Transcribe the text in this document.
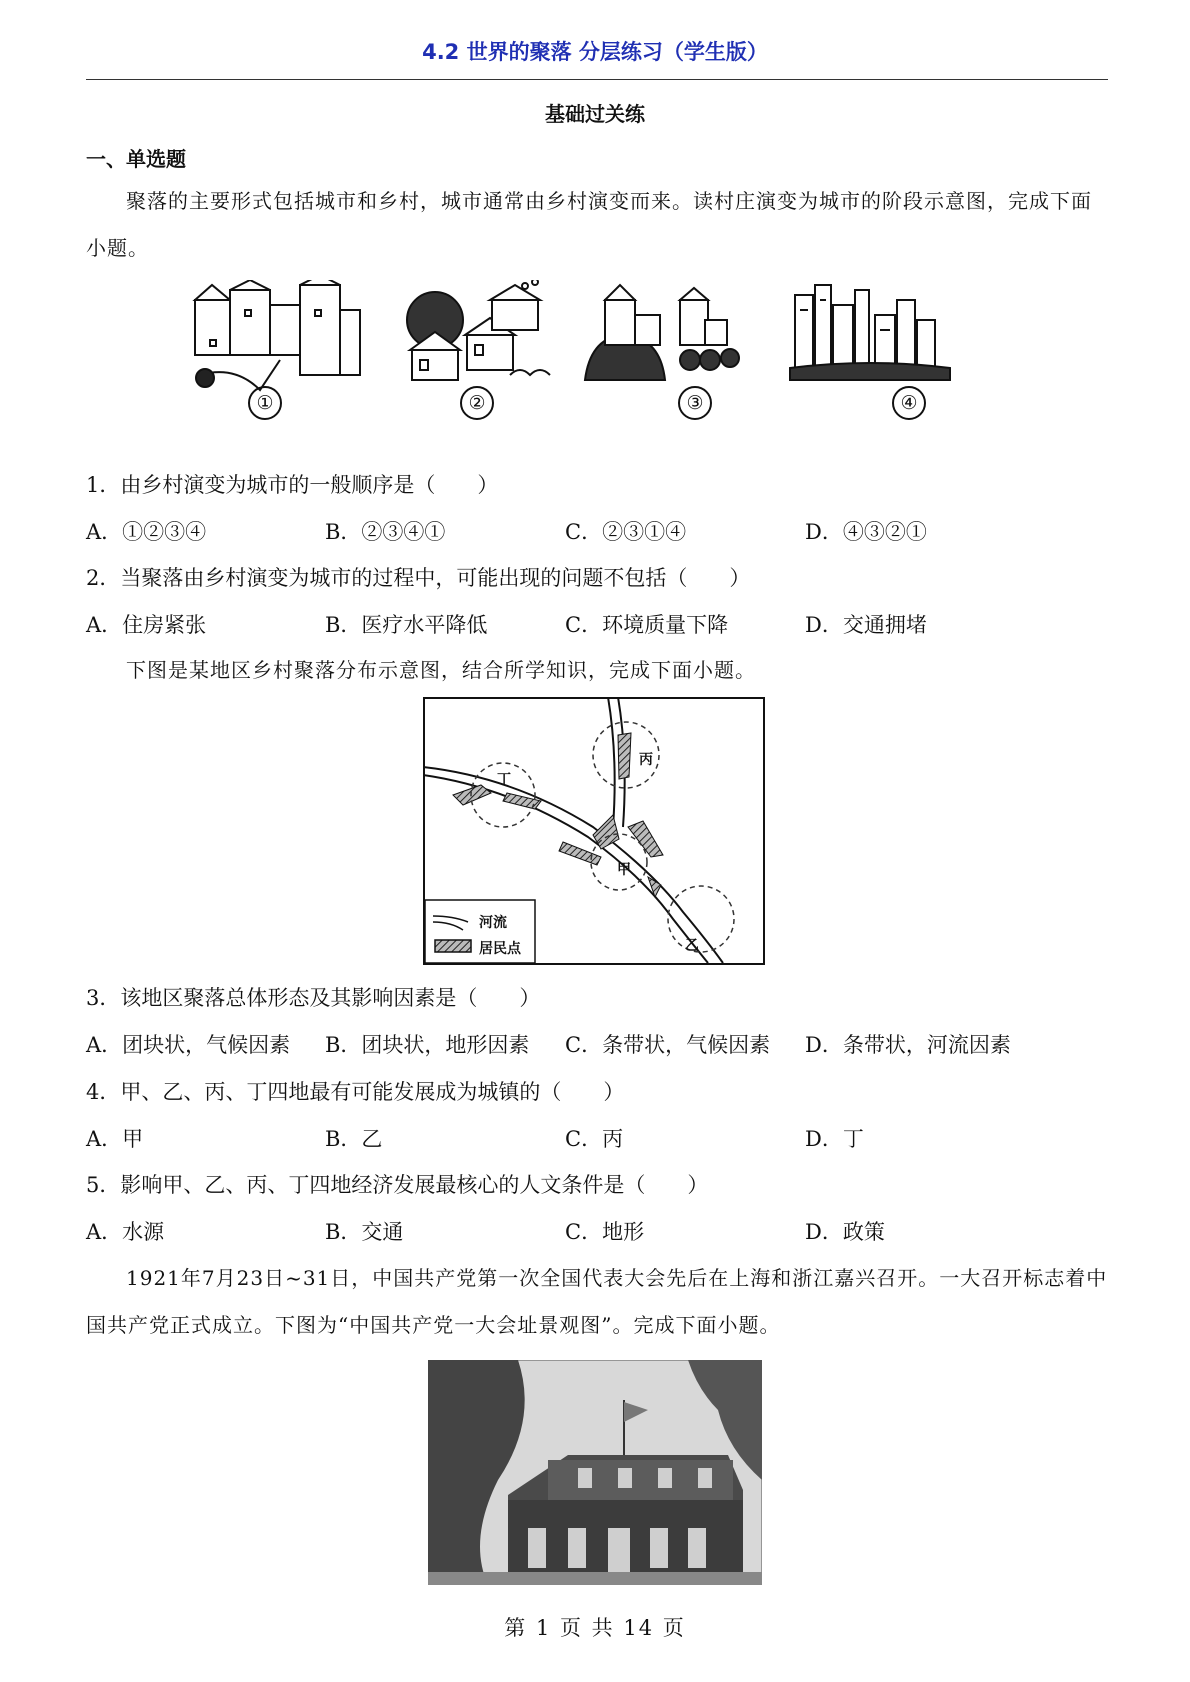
4.2 世界的聚落 分层练习（学生版）
基础过关练
一、单选题
聚落的主要形式包括城市和乡村，城市通常由乡村演变而来。读村庄演变为城市的阶段示意图，完成下面小题。
①	②	③	④
1．由乡村演变为城市的一般顺序是（　　）
A．①②③④	B．②③④①	C．②③①④	D．④③②①
2．当聚落由乡村演变为城市的过程中，可能出现的问题不包括（　　）
A．住房紧张	B．医疗水平降低	C．环境质量下降	D．交通拥堵
下图是某地区乡村聚落分布示意图，结合所学知识，完成下面小题。
丙
丁
甲
乙
河流
居民点
3．该地区聚落总体形态及其影响因素是（　　）
A．团块状，气候因素 B．团块状，地形因素 C．条带状，气候因素 D．条带状，河流因素
4．甲、乙、丙、丁四地最有可能发展成为城镇的（　　）
A．甲	B．乙	C．丙	D．丁
5．影响甲、乙、丙、丁四地经济发展最核心的人文条件是（　　）
A．水源	B．交通	C．地形	D．政策
1921年7月23日~31日，中国共产党第一次全国代表大会先后在上海和浙江嘉兴召开。一大召开标志着中国共产党正式成立。下图为“中国共产党一大会址景观图”。完成下面小题。
第 1 页 共 14 页
